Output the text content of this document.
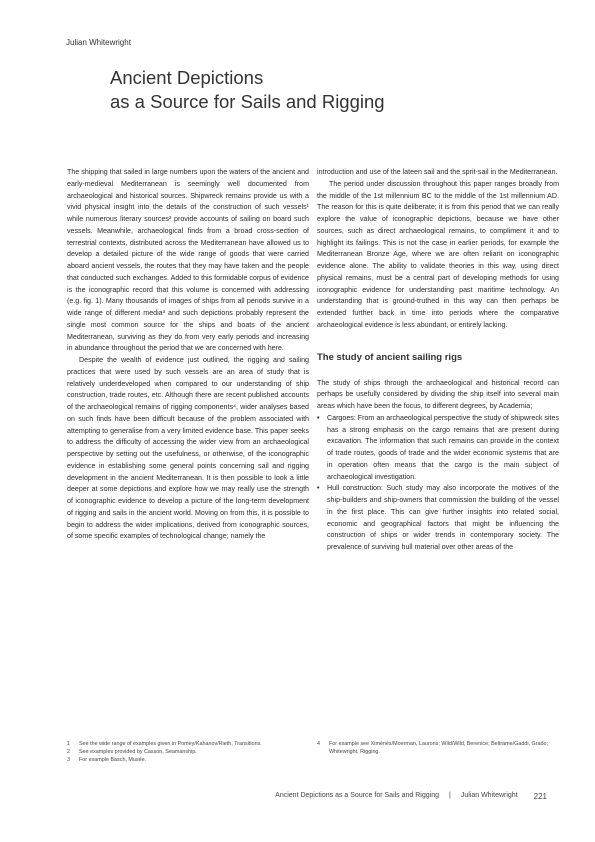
Julian Whitewright
Ancient Depictions
as a Source for Sails and Rigging

The shipping that sailed in large numbers upon the waters of the ancient and early-medieval Mediterranean is seemingly well documented from archaeological and historical sources. Shipwreck remains provide us with a vivid physical insight into the details of the construction of such vessels¹ while numerous literary sources² provide accounts of sailing on board such vessels. Meanwhile, archaeological finds from a broad cross-section of terrestrial contexts, distributed across the Mediterranean have allowed us to develop a detailed picture of the wide range of goods that were carried aboard ancient vessels, the routes that they may have taken and the people that conducted such exchanges. Added to this formidable corpus of evidence is the iconographic record that this volume is concerned with addressing (e.g. fig. 1). Many thousands of images of ships from all periods survive in a wide range of different media³ and such depictions probably represent the single most common source for the ships and boats of the ancient Mediterranean, surviving as they do from very early periods and increasing in abundance throughout the period that we are concerned with here.

Despite the wealth of evidence just outlined, the rigging and sailing practices that were used by such vessels are an area of study that is relatively underdeveloped when compared to our understanding of ship construction, trade routes, etc. Although there are recent published accounts of the archaeological remains of rigging components⁴, wider analyses based on such finds have been difficult because of the problem associated with attempting to generalise from a very limited evidence base. This paper seeks to address the difficulty of accessing the wider view from an archaeological perspective by setting out the usefulness, or otherwise, of the iconographic evidence in establishing some general points concerning sail and rigging development in the ancient Mediterranean. It is then possible to look a little deeper at some depictions and explore how we may really use the strength of iconographic evidence to develop a picture of the long-term development of rigging and sails in the ancient world. Moving on from this, it is possible to begin to address the wider implications, derived from iconographic sources, of some specific examples of technological change; namely the

introduction and use of the lateen sail and the sprit-sail in the Mediterranean.

The period under discussion throughout this paper ranges broadly from the middle of the 1st millennium BC to the middle of the 1st millennium AD. The reason for this is quite deliberate; it is from this period that we can really explore the value of iconographic depictions, because we have other sources, such as direct archaeological remains, to compliment it and to highlight its failings. This is not the case in earlier periods, for example the Mediterranean Bronze Age, where we are often reliant on iconographic evidence alone. The ability to validate theories in this way, using direct physical remains, must be a central part of developing methods for using iconographic evidence for understanding past maritime technology. An understanding that is ground-truthed in this way can then perhaps be extended further back in time into periods where the comparative archaeological evidence is less abundant, or entirely lacking.

The study of ancient sailing rigs

The study of ships through the archaeological and historical record can perhaps be usefully considered by dividing the ship itself into several main areas which have been the focus, to different degrees, by Academia;

• Cargoes: From an archaeological perspective the study of shipwreck sites has a strong emphasis on the cargo remains that are present during excavation. The information that such remains can provide in the context of trade routes, goods of trade and the wider economic systems that are in operation often means that the cargo is the main subject of archaeological investigation.
• Hull construction: Such study may also incorporate the motives of the ship-builders and ship-owners that commission the building of the vessel in the first place. This can give further insights into related social, economic and geographical factors that might be influencing the construction of ships or wider trends in contemporary society. The prevalence of surviving hull material over other areas of the
1	See the wide range of examples given in Pomey/Kahanov/Rieth, Transitions.
2	See examples provided by Casson, Seamanship.
3	For example Basch, Musée.
4	For example see Ximénès/Moerman, Laurons; Wild/Wild, Berenice; Beltrame/Gaddi, Grado; Whitewright, Rigging.
Ancient Depictions as a Source for Sails and Rigging | Julian Whitewright 221
